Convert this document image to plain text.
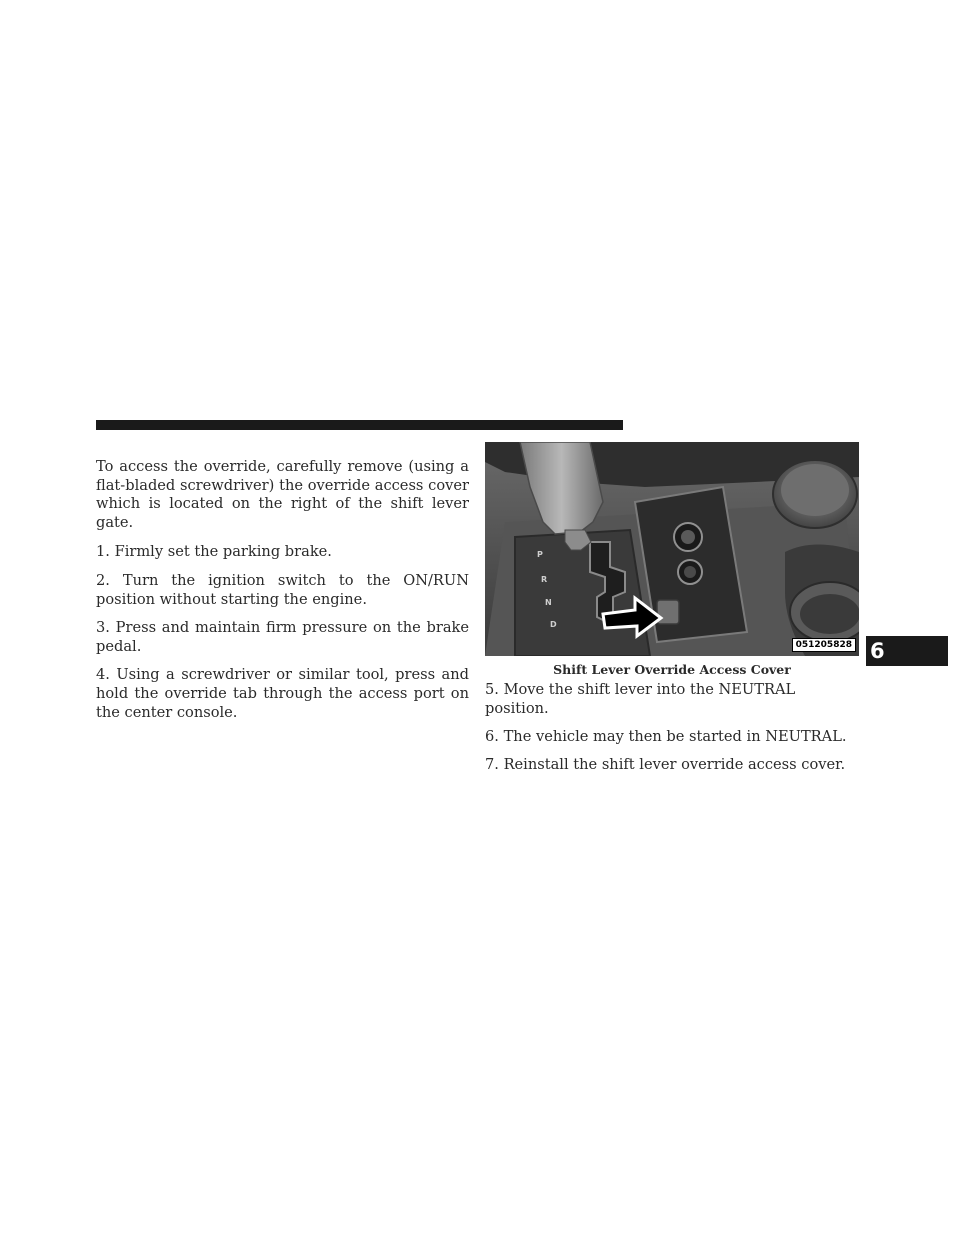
To access the override, carefully remove (using a flat-bladed screwdriver) the override access cover which is located on the right of the shift lever gate.

1. Firmly set the parking brake.

2. Turn the ignition switch to the ON/RUN position without starting the engine.

3. Press and maintain firm pressure on the brake pedal.

4. Using a screwdriver or similar tool, press and hold the override tab through the access port on the center console.

P
R
N
D
051205828
Shift Lever Override Access Cover

5. Move the shift lever into the NEUTRAL position.

6. The vehicle may then be started in NEUTRAL.

7. Reinstall the shift lever override access cover.

6
